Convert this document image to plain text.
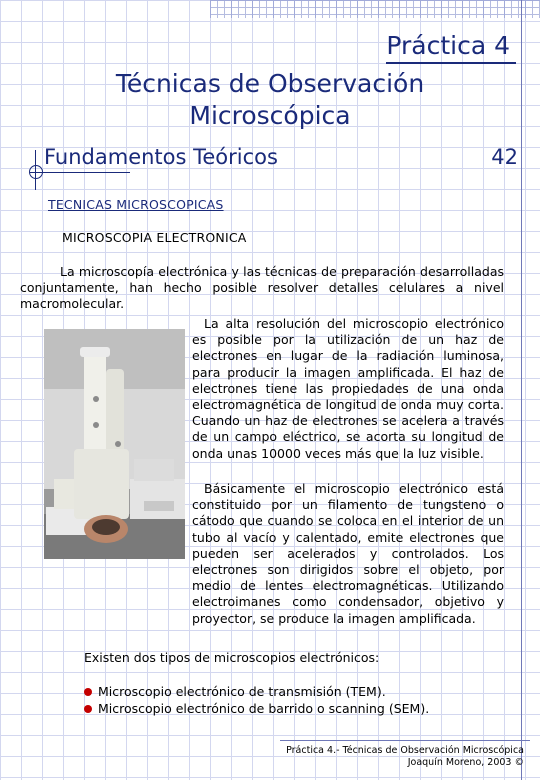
Práctica 4
Técnicas de Observación
Microscópica
Fundamentos Teóricos	42
TECNICAS MICROSCOPICAS
MICROSCOPIA ELECTRONICA
La microscopía electrónica y las técnicas de preparación desarrolladas conjuntamente, han hecho posible resolver detalles celulares a nivel macromolecular.
La alta resolución del microscopio electrónico es posible por la utilización de un haz de electrones en lugar de la radiación luminosa, para producir la imagen amplificada. El haz de electrones tiene las propiedades de una onda electromagnética de longitud de onda muy corta. Cuando un haz de electrones se acelera a través de un campo eléctrico, se acorta su longitud de onda unas 10000 veces más que la luz visible.
Básicamente el microscopio electrónico está constituido por un filamento de tungsteno o cátodo que cuando se coloca en el interior de un tubo al vacío y calentado, emite electrones que pueden ser acelerados y controlados. Los electrones son dirigidos sobre el objeto, por medio de lentes electromagnéticas. Utilizando electroimanes como condensador, objetivo y proyector, se produce la imagen amplificada.
Existen dos tipos de microscopios electrónicos:
Microscopio electrónico de transmisión (TEM).
Microscopio electrónico de barrido o scanning (SEM).
Práctica 4.- Técnicas de Observación Microscópica
Joaquín Moreno, 2003 ©
